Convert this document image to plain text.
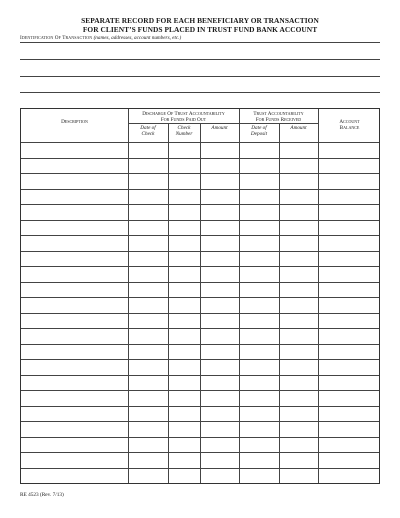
SEPARATE RECORD FOR EACH BENEFICIARY OR TRANSACTION
FOR CLIENT’S FUNDS PLACED IN TRUST FUND BANK ACCOUNT
Identification Of Transaction (names, addresses, account numbers, etc.)
Description
Discharge Of Trust Accountability
For Funds Paid Out
Trust Accountability
For Funds Received	Account
Balance
Date of
Check
Check
Number
Amount	Date of
Deposit
Amount
RE 4523 (Rev. 7/13)
